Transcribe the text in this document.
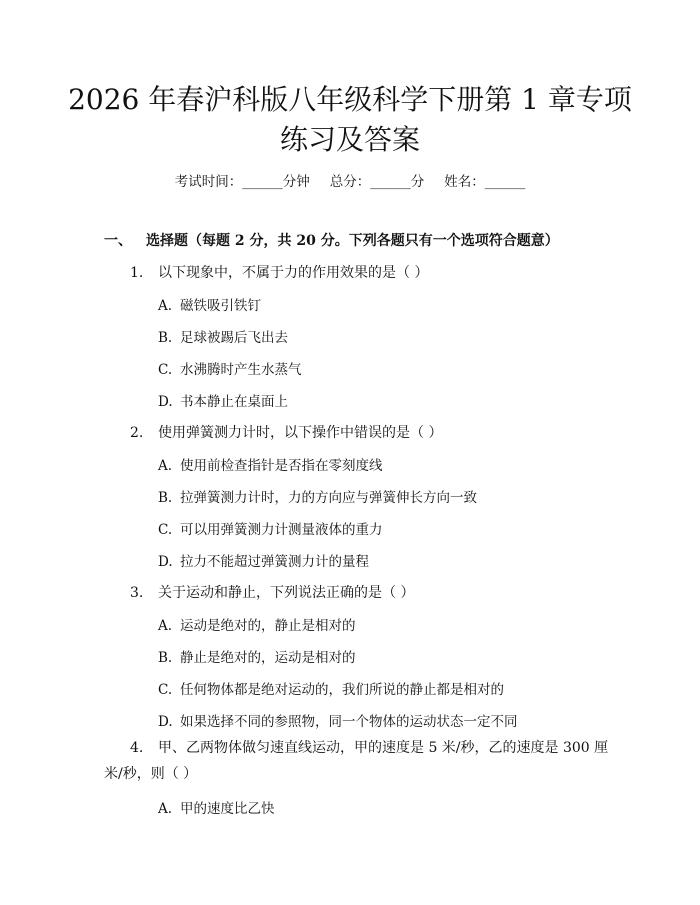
2026 年春沪科版八年级科学下册第 1 章专项
练习及答案
考试时间：______分钟 总分：______分 姓名：______
一、 选择题（每题 2 分，共 20 分。下列各题只有一个选项符合题意）
1. 以下现象中，不属于力的作用效果的是（ ）
A. 磁铁吸引铁钉
B. 足球被踢后飞出去
C. 水沸腾时产生水蒸气
D. 书本静止在桌面上
2. 使用弹簧测力计时，以下操作中错误的是（ ）
A. 使用前检查指针是否指在零刻度线
B. 拉弹簧测力计时，力的方向应与弹簧伸长方向一致
C. 可以用弹簧测力计测量液体的重力
D. 拉力不能超过弹簧测力计的量程
3. 关于运动和静止，下列说法正确的是（ ）
A. 运动是绝对的，静止是相对的
B. 静止是绝对的，运动是相对的
C. 任何物体都是绝对运动的，我们所说的静止都是相对的
D. 如果选择不同的参照物，同一个物体的运动状态一定不同
4. 甲、乙两物体做匀速直线运动，甲的速度是 5 米/秒，乙的速度是 300 厘
米/秒，则（ ）
A. 甲的速度比乙快
